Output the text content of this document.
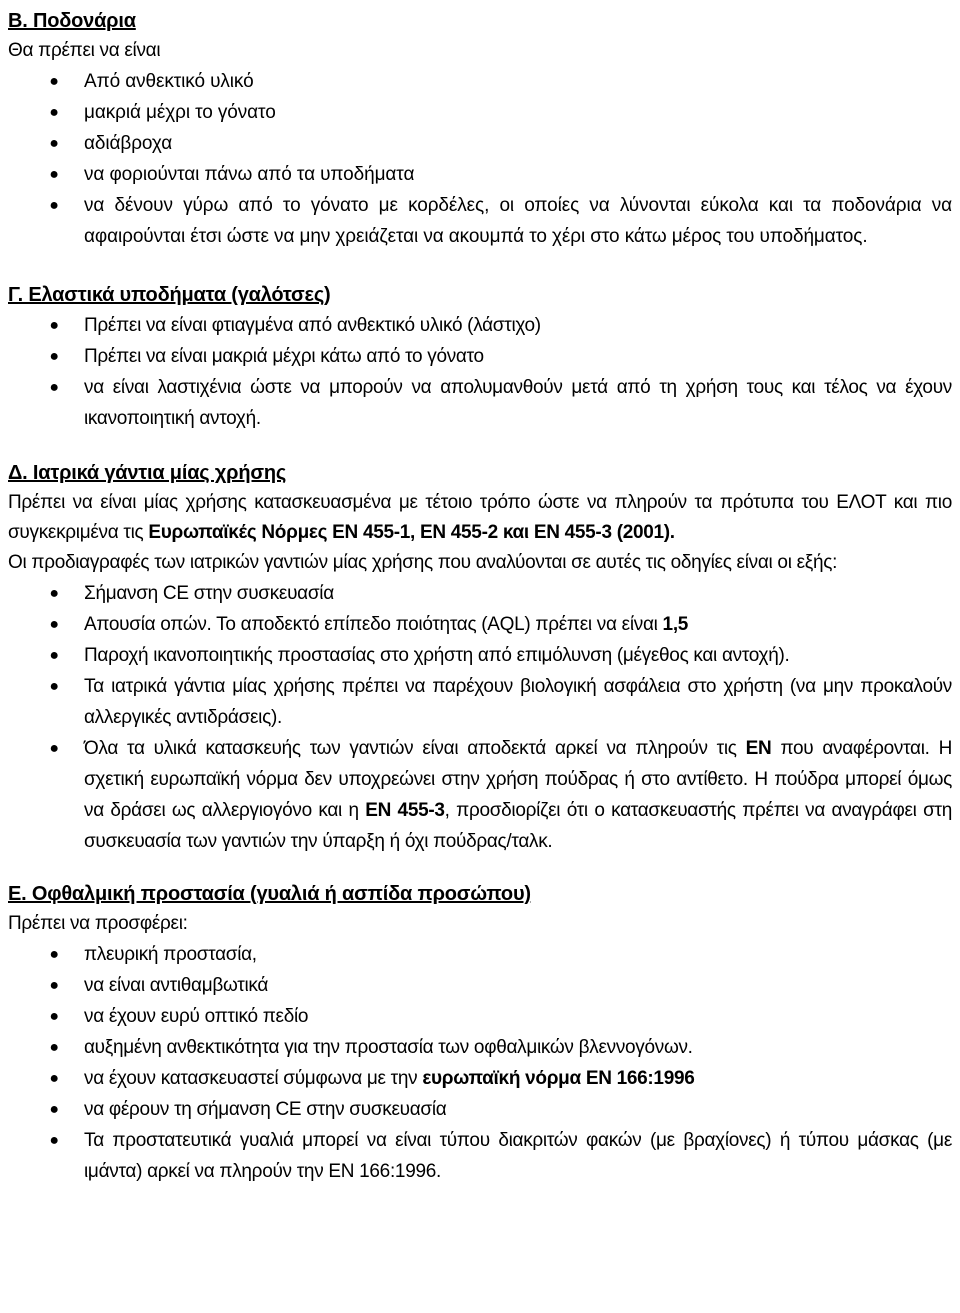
Β. Ποδονάρια
Θα πρέπει να είναι
● Από ανθεκτικό υλικό
● μακριά μέχρι το γόνατο
● αδιάβροχα
● να φοριούνται πάνω από τα υποδήματα
● να δένουν γύρω από το γόνατο με κορδέλες, οι οποίες να λύνονται εύκολα και τα ποδονάρια να αφαιρούνται έτσι ώστε να μην χρειάζεται να ακουμπά το χέρι στο κάτω μέρος του υποδήματος.
Γ. Ελαστικά υποδήματα (γαλότσες)
● Πρέπει να είναι φτιαγμένα από ανθεκτικό υλικό (λάστιχο)
● Πρέπει να είναι μακριά μέχρι κάτω από το γόνατο
● να είναι λαστιχένια ώστε να μπορούν να απολυμανθούν μετά από τη χρήση τους και τέλος να έχουν ικανοποιητική αντοχή.
Δ. Ιατρικά γάντια μίας χρήσης

Πρέπει να είναι μίας χρήσης κατασκευασμένα με τέτοιο τρόπο ώστε να πληρούν τα πρότυπα του ΕΛΟΤ και πιο συγκεκριμένα τις Ευρωπαϊκές Νόρμες ΕΝ 455-1, ΕΝ 455-2 και ΕΝ 455-3 (2001).

Οι προδιαγραφές των ιατρικών γαντιών μίας χρήσης που αναλύονται σε αυτές τις οδηγίες είναι οι εξής:

● Σήμανση CE στην συσκευασία
● Απουσία οπών. Το αποδεκτό επίπεδο ποιότητας (AQL) πρέπει να είναι 1,5
● Παροχή ικανοποιητικής προστασίας στο χρήστη από επιμόλυνση (μέγεθος και αντοχή).
● Τα ιατρικά γάντια μίας χρήσης πρέπει να παρέχουν βιολογική ασφάλεια στο χρήστη (να μην προκαλούν αλλεργικές αντιδράσεις).
● Όλα τα υλικά κατασκευής των γαντιών είναι αποδεκτά αρκεί να πληρούν τις ΕΝ που αναφέρονται. Η σχετική ευρωπαϊκή νόρμα δεν υποχρεώνει στην χρήση πούδρας ή στο αντίθετο. Η πούδρα μπορεί όμως να δράσει ως αλλεργιογόνο και η ΕΝ 455-3, προσδιορίζει ότι ο κατασκευαστής πρέπει να αναγράφει στη συσκευασία των γαντιών την ύπαρξη ή όχι πούδρας/ταλκ.
Ε. Οφθαλμική προστασία (γυαλιά ή ασπίδα προσώπου)
Πρέπει να προσφέρει:
● πλευρική προστασία,
● να είναι αντιθαμβωτικά
● να έχουν ευρύ οπτικό πεδίο
● αυξημένη ανθεκτικότητα για την προστασία των οφθαλμικών βλεννογόνων.
● να έχουν κατασκευαστεί σύμφωνα με την ευρωπαϊκή νόρμα ΕΝ 166:1996
● να φέρουν τη σήμανση CE στην συσκευασία
● Τα προστατευτικά γυαλιά μπορεί να είναι τύπου διακριτών φακών (με βραχίονες) ή τύπου μάσκας (με ιμάντα) αρκεί να πληρούν την ΕΝ 166:1996.
